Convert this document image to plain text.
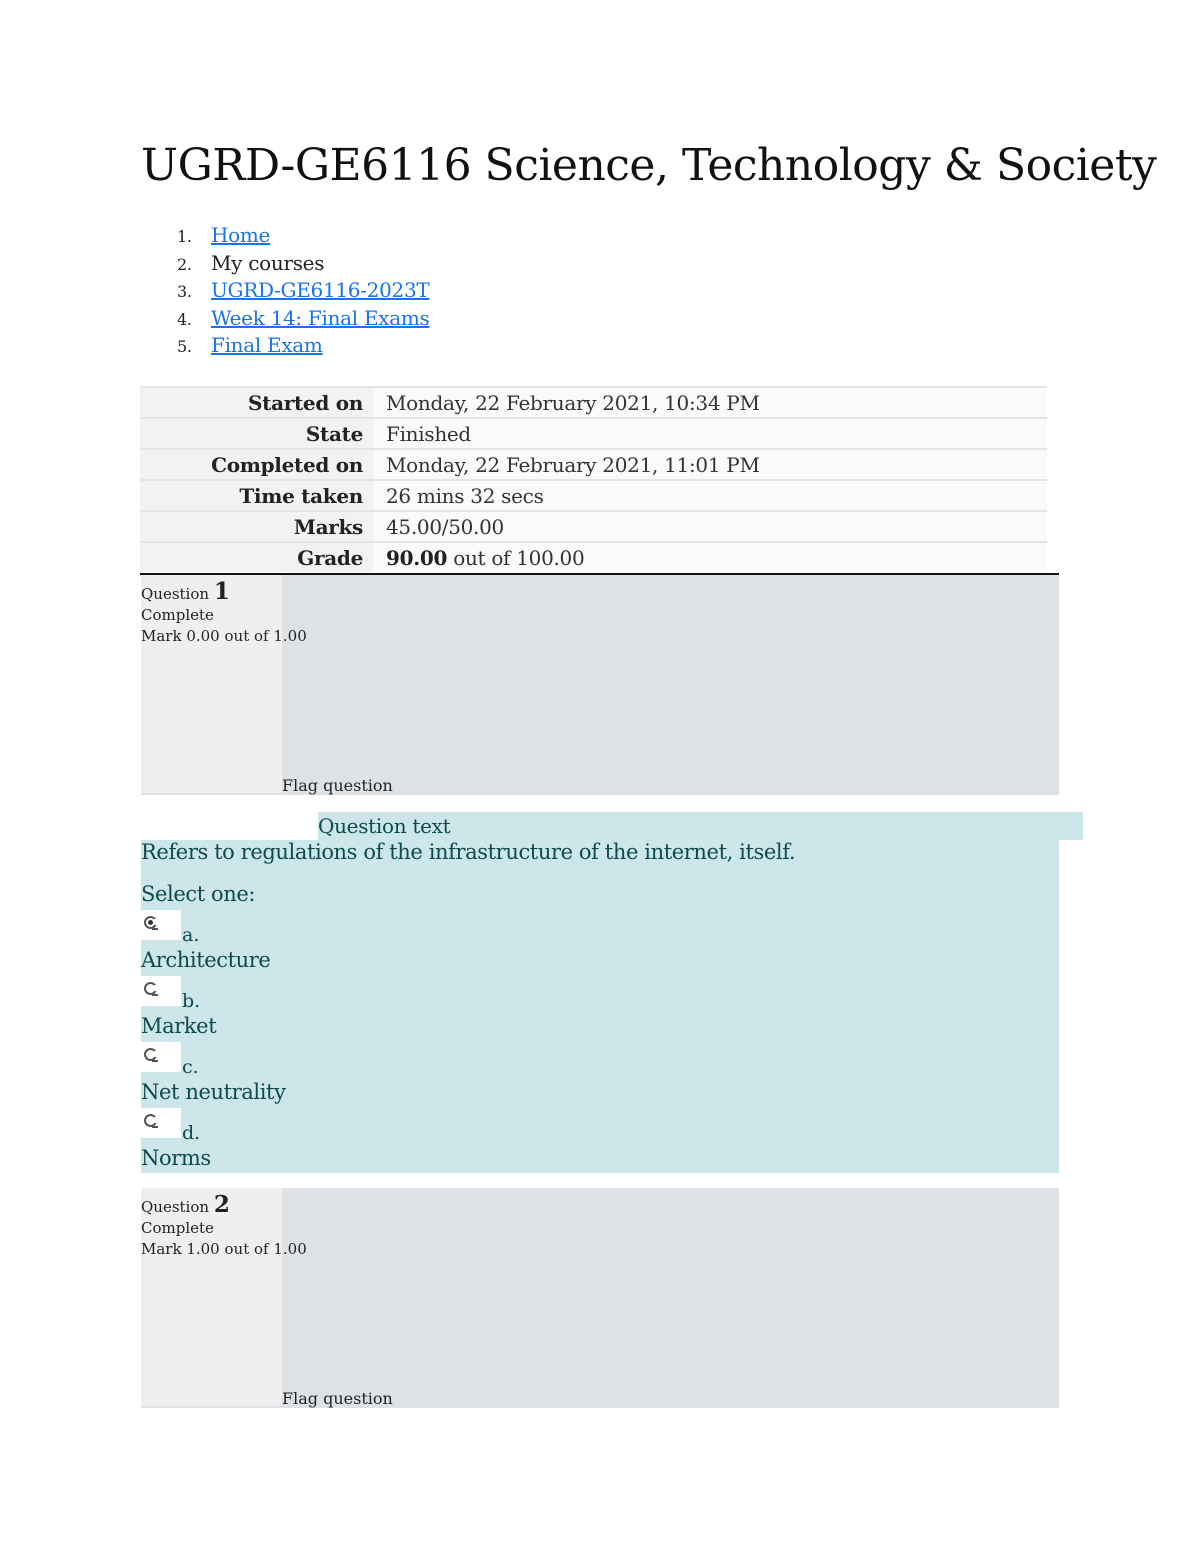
UGRD-GE6116 Science, Technology & Society
1. Home
2. My courses
3. UGRD-GE6116-2023T
4. Week 14: Final Exams
5. Final Exam
Started on	Monday, 22 February 2021, 10:34 PM
State	Finished
Completed on	Monday, 22 February 2021, 11:01 PM
Time taken	26 mins 32 secs
Marks	45.00/50.00
Grade	90.00 out of 100.00
Question 1
Complete
Mark 0.00 out of 1.00
Flag question
Question text
Refers to regulations of the infrastructure of the internet, itself.
Select one:
a.
Architecture
b.
Market
c.
Net neutrality
d.
Norms
Question 2
Complete
Mark 1.00 out of 1.00
Flag question
